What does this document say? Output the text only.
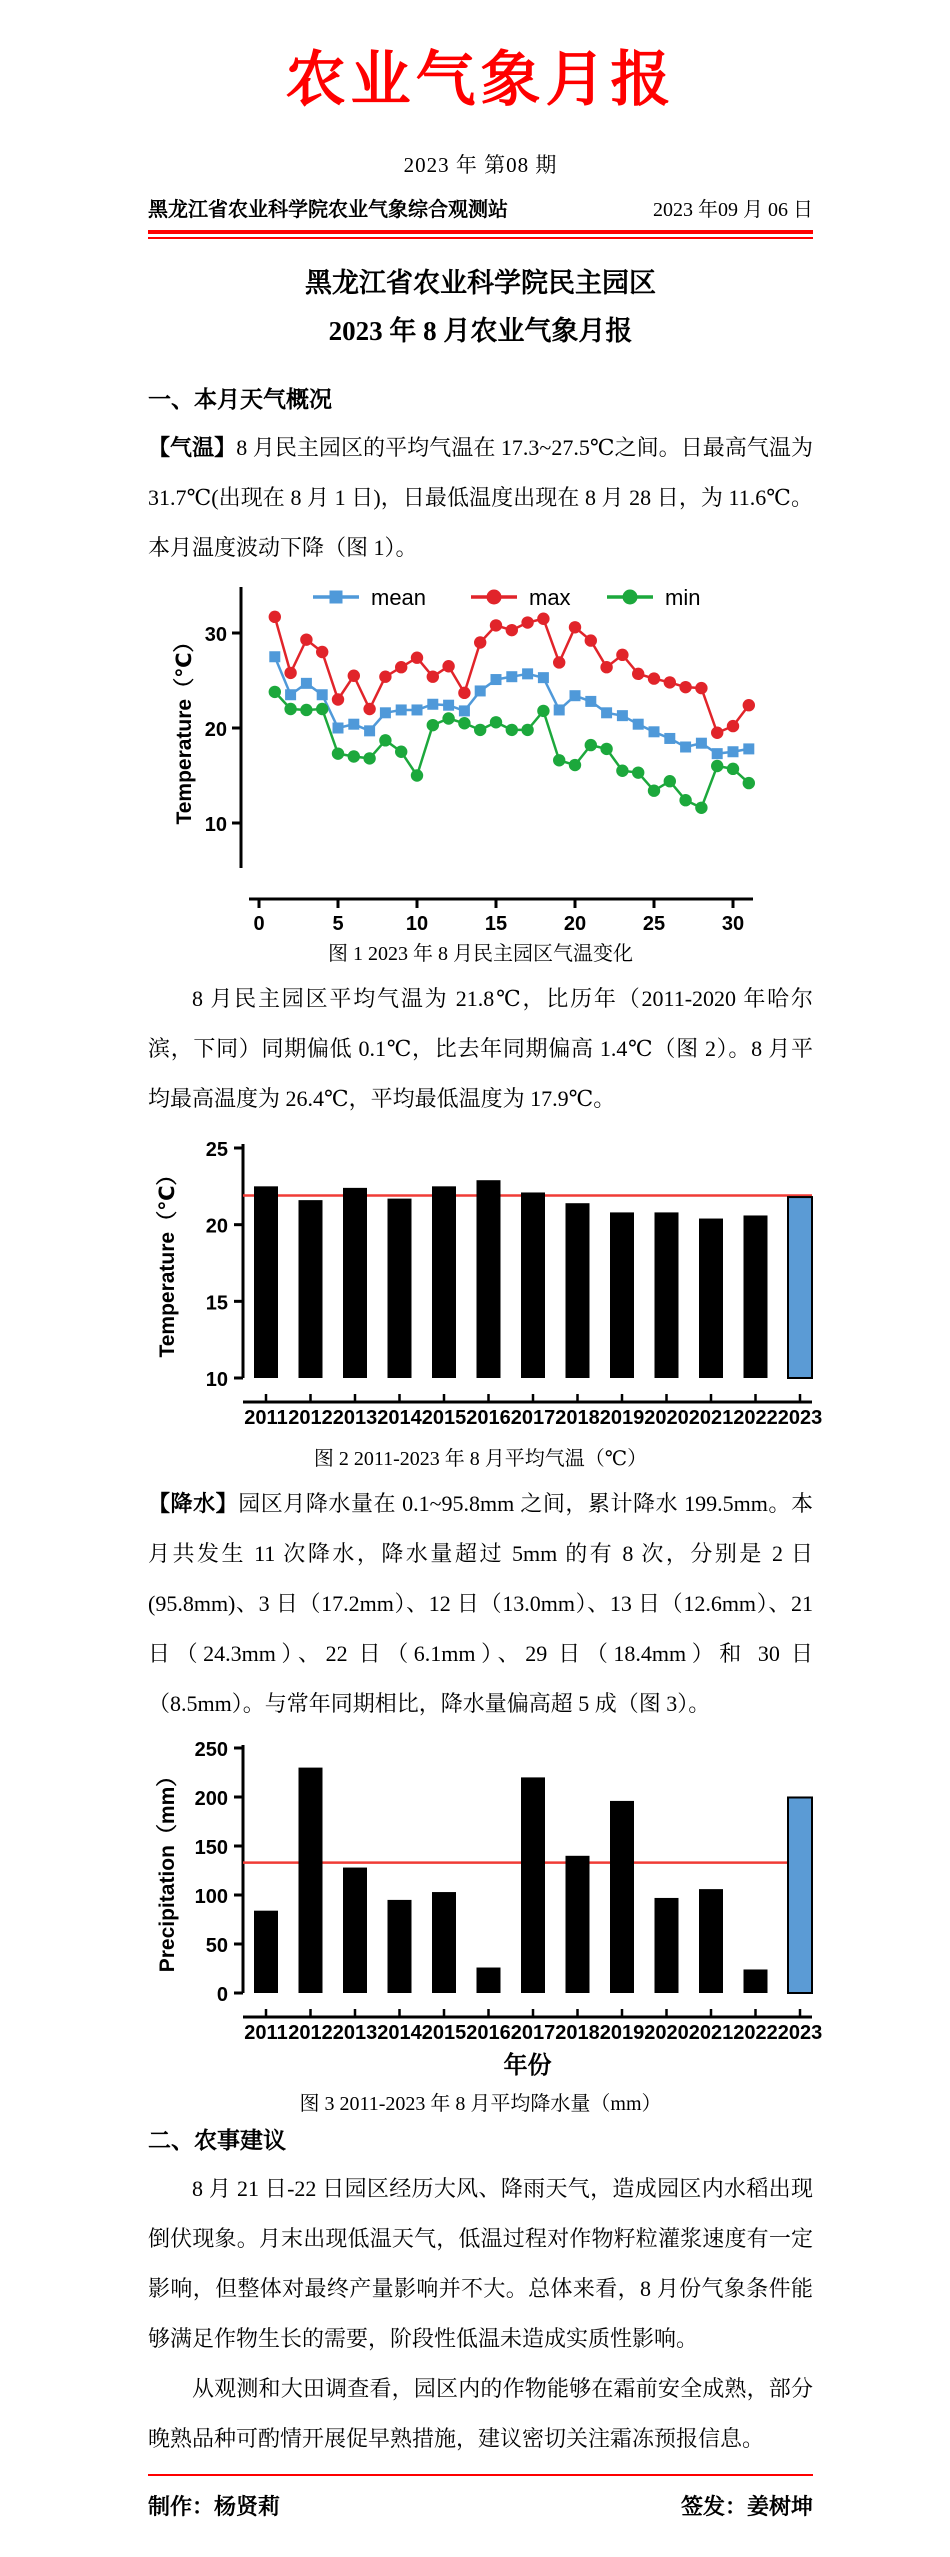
农业气象月报
2023 年 第08 期
黑龙江省农业科学院农业气象综合观测站	2023 年09 月 06 日
黑龙江省农业科学院民主园区
2023 年 8 月农业气象月报
一、本月天气概况

【气温】8 月民主园区的平均气温在 17.3~27.5℃之间。日最高气温为 31.7℃(出现在 8 月 1 日)，日最低温度出现在 8 月 28 日，为 11.6℃。本月温度波动下降（图 1）。

10
20
30
Temperature（℃）
0	5	10	15	20	25	30
mean	max	min
图 1 2023 年 8 月民主园区气温变化

8 月民主园区平均气温为 21.8℃，比历年（2011-2020 年哈尔滨，下同）同期偏低 0.1℃，比去年同期偏高 1.4℃（图 2）。8 月平均最高温度为 26.4℃，平均最低温度为 17.9℃。

10
15
20
25
Temperature（℃）
2011 2012 2013 2014 2015 2016 2017 2018 2019 2020 2021 2022 2023
图 2 2011-2023 年 8 月平均气温（℃）

【降水】园区月降水量在 0.1~95.8mm 之间，累计降水 199.5mm。本月共发生 11 次降水，降水量超过 5mm 的有 8 次，分别是 2 日(95.8mm)、3 日（17.2mm）、12 日（13.0mm）、13 日（12.6mm）、21 日（24.3mm）、22 日（6.1mm）、29 日（18.4mm）和 30 日（8.5mm）。与常年同期相比，降水量偏高超 5 成（图 3）。

0
50
100
150
200
250
Precipitation（mm）
2011 2012 2013 2014 2015 2016 2017 2018 2019 2020 2021 2022 2023
年份
图 3 2011-2023 年 8 月平均降水量（mm）
二、农事建议

8 月 21 日-22 日园区经历大风、降雨天气，造成园区内水稻出现倒伏现象。月末出现低温天气，低温过程对作物籽粒灌浆速度有一定影响，但整体对最终产量影响并不大。总体来看，8 月份气象条件能够满足作物生长的需要，阶段性低温未造成实质性影响。

从观测和大田调查看，园区内的作物能够在霜前安全成熟，部分晚熟品种可酌情开展促早熟措施，建议密切关注霜冻预报信息。

制作：杨贤莉	签发：姜树坤
